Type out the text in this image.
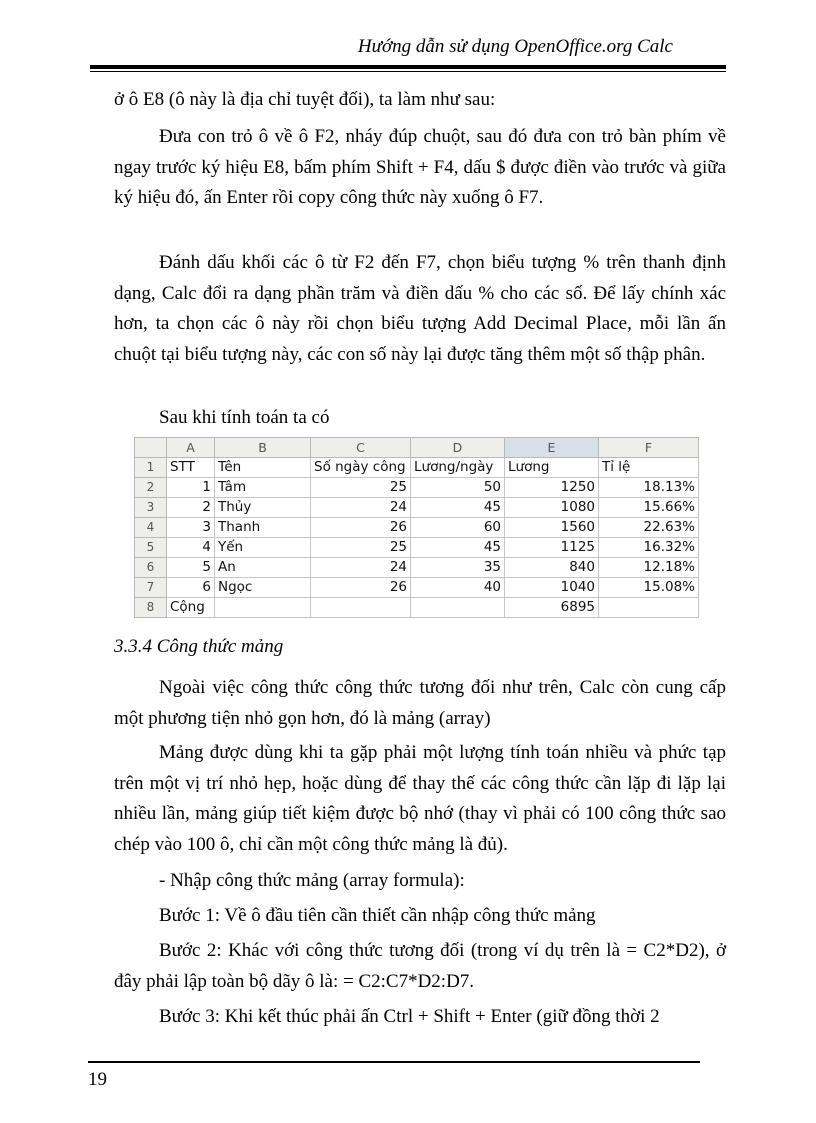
Hướng dẫn sử dụng OpenOffice.org Calc
ở ô E8 (ô này là địa chỉ tuyệt đối), ta làm như sau:
Đưa con trỏ ô về ô F2, nháy đúp chuột, sau đó đưa con trỏ bàn phím về ngay trước ký hiệu E8, bấm phím Shift + F4, dấu $ được điền vào trước và giữa ký hiệu đó, ấn Enter rồi copy công thức này xuống ô F7.
Đánh dấu khối các ô từ F2 đến F7, chọn biểu tượng % trên thanh định dạng, Calc đổi ra dạng phần trăm và điền dấu % cho các số. Để lấy chính xác hơn, ta chọn các ô này rồi chọn biểu tượng Add Decimal Place, mỗi lần ấn chuột tại biểu tượng này, các con số này lại được tăng thêm một số thập phân.
Sau khi tính toán ta có
	A	B	C	D	E	F
1	STT	Tên	Số ngày công	Lương/ngày	Lương	Tỉ lệ
2	1	Tâm	25	50	1250	18.13%
3	2	Thủy	24	45	1080	15.66%
4	3	Thanh	26	60	1560	22.63%
5	4	Yến	25	45	1125	16.32%
6	5	An	24	35	840	12.18%
7	6	Ngọc	26	40	1040	15.08%
8	Cộng				6895	
3.3.4 Công thức mảng
Ngoài việc công thức công thức tương đối như trên, Calc còn cung cấp một phương tiện nhỏ gọn hơn, đó là mảng (array)
Mảng được dùng khi ta gặp phải một lượng tính toán nhiều và phức tạp trên một vị trí nhỏ hẹp, hoặc dùng để thay thế các công thức cần lặp đi lặp lại nhiều lần, mảng giúp tiết kiệm được bộ nhớ (thay vì phải có 100 công thức sao chép vào 100 ô, chỉ cần một công thức mảng là đủ).
- Nhập công thức mảng (array formula):
Bước 1: Về ô đầu tiên cần thiết cần nhập công thức mảng
Bước 2: Khác với công thức tương đối (trong ví dụ trên là = C2*D2), ở đây phải lập toàn bộ dãy ô là: = C2:C7*D2:D7.
Bước 3: Khi kết thúc phải ấn Ctrl + Shift + Enter (giữ đồng thời 2
19
